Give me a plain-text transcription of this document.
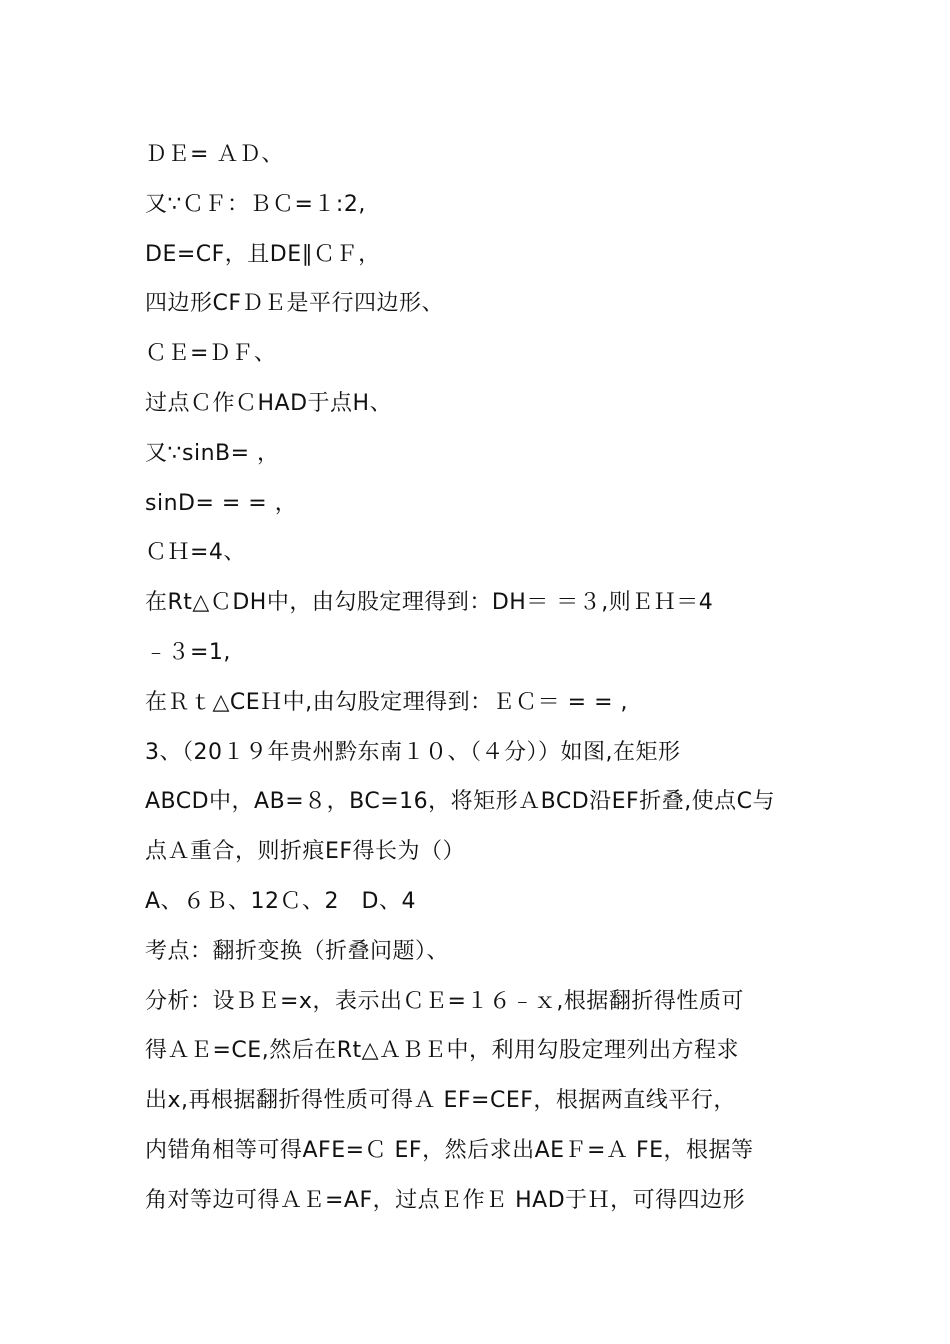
ＤＥ= ＡＤ、
又∵ＣＦ：ＢＣ=１:2,
DE=CF，且DE∥ＣＦ，
四边形CFＤＥ是平行四边形、
ＣＥ=ＤＦ、
过点Ｃ作ＣHAD于点H、
又∵sinB= ，
sinD= = = ，
ＣＨ=4、
在Rt△ＣDH中，由勾股定理得到：DH＝ ＝３,则ＥＨ＝4
﹣３=1,
在Ｒｔ△CEＨ中,由勾股定理得到：ＥＣ＝ = = ,
3、（20１９年贵州黔东南１０、（４分））如图,在矩形
ABCD中，AB=８，BC=16，将矩形ＡBCD沿EF折叠,使点C与
点Ａ重合，则折痕EF得长为（）
A、６Ｂ、12Ｃ、2　D、4
考点：翻折变换（折叠问题）、
分析：设ＢＥ=x，表示出ＣＥ=１６﹣ｘ,根据翻折得性质可
得ＡＥ=CE,然后在Rt△ＡＢＥ中，利用勾股定理列出方程求
出x,再根据翻折得性质可得Ａ EF=CEF，根据两直线平行，
内错角相等可得AFE=Ｃ EF，然后求出AEＦ=Ａ FE，根据等
角对等边可得ＡＥ=AF，过点Ｅ作Ｅ HAD于Ｈ，可得四边形
